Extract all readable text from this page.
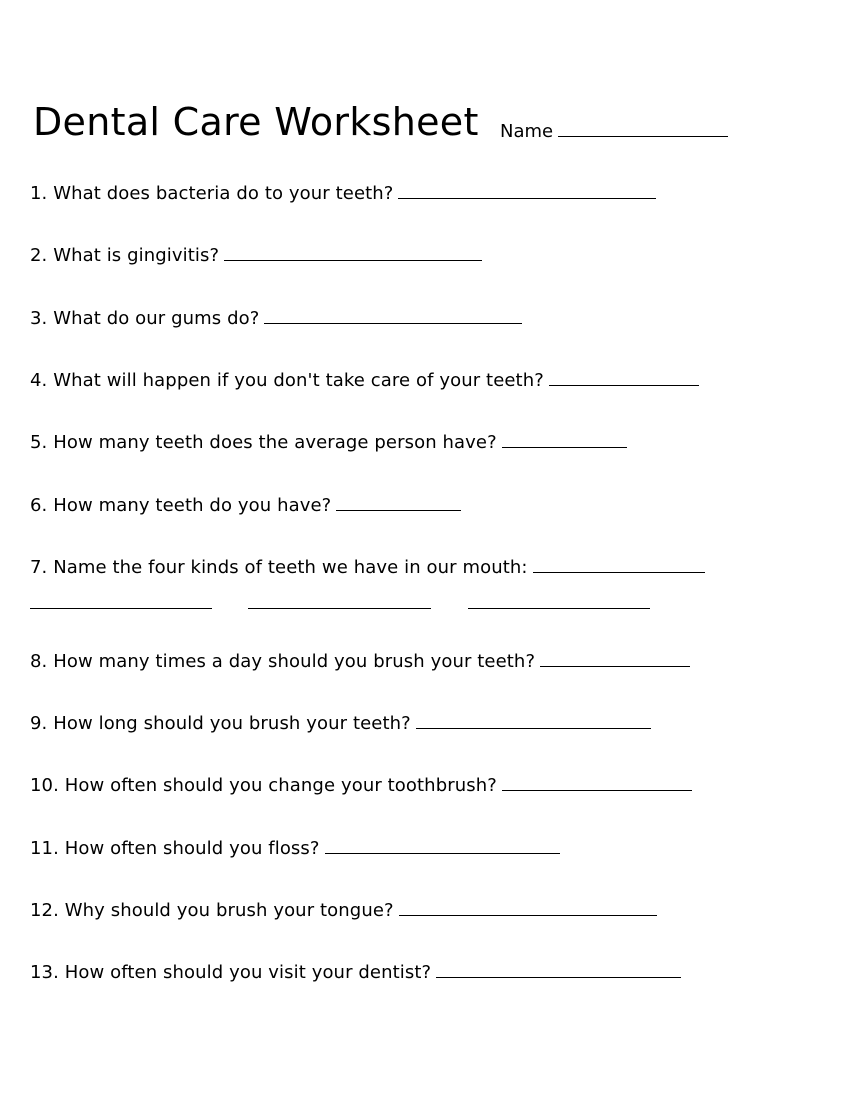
Dental Care Worksheet Name
1. What does bacteria do to your teeth?
2. What is gingivitis?
3. What do our gums do?
4. What will happen if you don't take care of your teeth?
5. How many teeth does the average person have?
6. How many teeth do you have?
7. Name the four kinds of teeth we have in our mouth:
8. How many times a day should you brush your teeth?
9. How long should you brush your teeth?
10. How often should you change your toothbrush?
11. How often should you floss?
12. Why should you brush your tongue?
13. How often should you visit your dentist?
